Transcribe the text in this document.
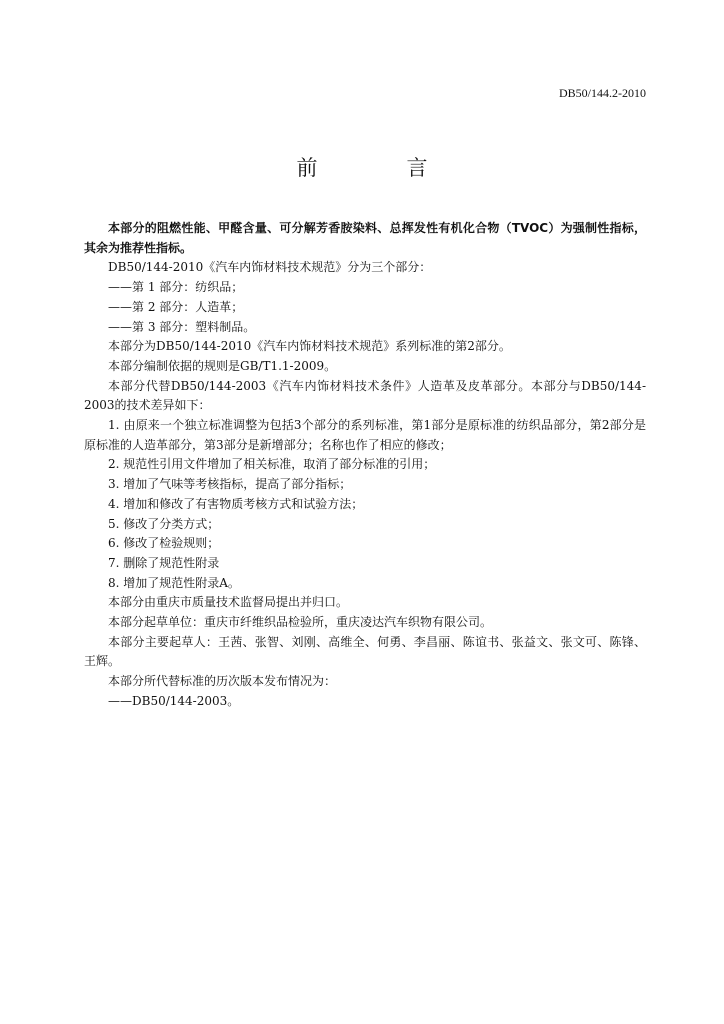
DB50/144.2-2010
前　言

本部分的阻燃性能、甲醛含量、可分解芳香胺染料、总挥发性有机化合物（TVOC）为强制性指标，其余为推荐性指标。

DB50/144-2010《汽车内饰材料技术规范》分为三个部分：

——第 1 部分：纺织品；

——第 2 部分：人造革；

——第 3 部分：塑料制品。

本部分为DB50/144-2010《汽车内饰材料技术规范》系列标准的第2部分。

本部分编制依据的规则是GB/T1.1-2009。

本部分代替DB50/144-2003《汽车内饰材料技术条件》人造革及皮革部分。本部分与DB50/144-2003的技术差异如下：

1. 由原来一个独立标准调整为包括3个部分的系列标准，第1部分是原标准的纺织品部分，第2部分是原标准的人造革部分，第3部分是新增部分；名称也作了相应的修改；

2. 规范性引用文件增加了相关标准，取消了部分标准的引用；

3. 增加了气味等考核指标，提高了部分指标；

4. 增加和修改了有害物质考核方式和试验方法；

5. 修改了分类方式；

6. 修改了检验规则；

7. 删除了规范性附录

8. 增加了规范性附录A。

本部分由重庆市质量技术监督局提出并归口。

本部分起草单位：重庆市纤维织品检验所，重庆凌达汽车织物有限公司。

本部分主要起草人：王茜、张智、刘刚、高维全、何勇、李昌丽、陈谊书、张益文、张文可、陈锋、王辉。

本部分所代替标准的历次版本发布情况为：

——DB50/144-2003。
